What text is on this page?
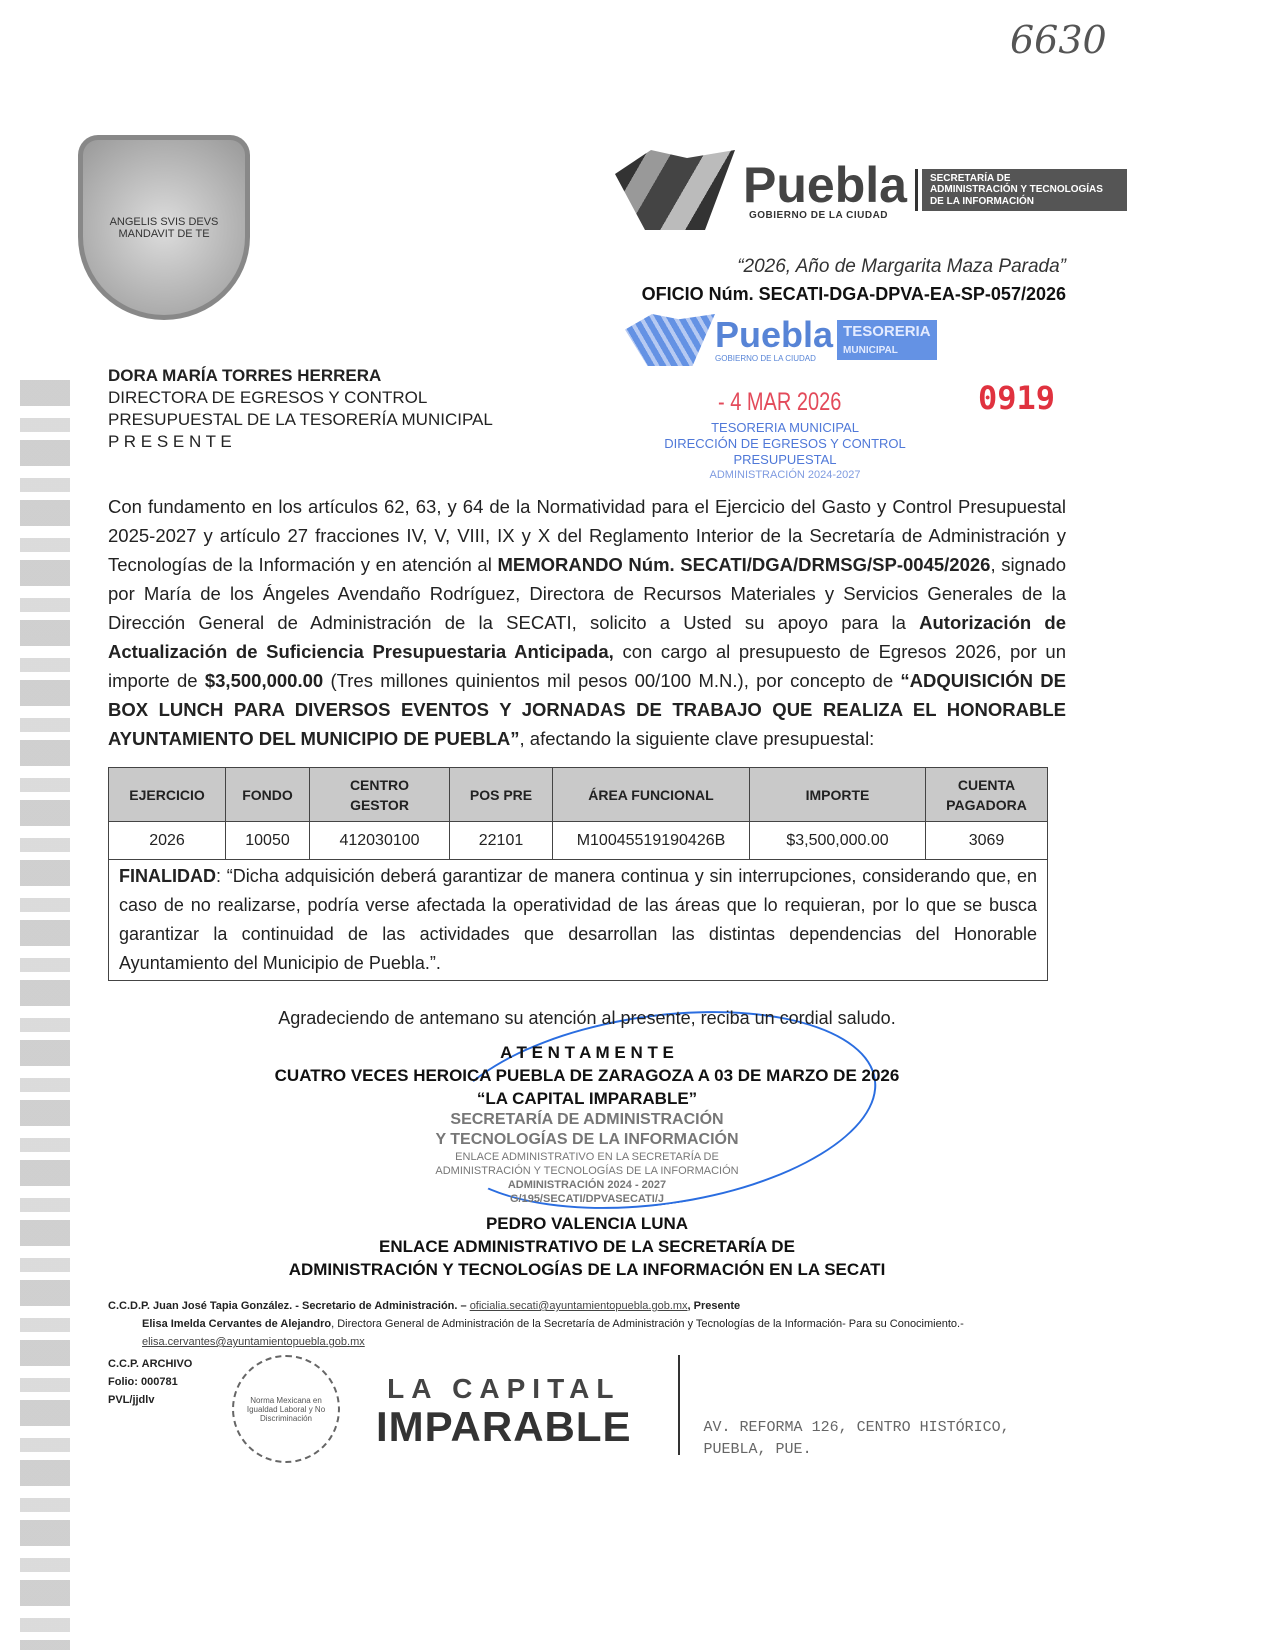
6630
ANGELIS SVIS DEVS MANDAVIT DE TE
Puebla
GOBIERNO DE LA CIUDAD
SECRETARÍA DE
ADMINISTRACIÓN Y TECNOLOGÍAS
DE LA INFORMACIÓN
“2026, Año de Margarita Maza Parada”
OFICIO Núm. SECATI-DGA-DPVA-EA-SP-057/2026
Puebla
GOBIERNO DE LA CIUDAD
TESORERIA
MUNICIPAL
- 4 MAR 2026	0919
TESORERIA MUNICIPAL
DIRECCIÓN DE EGRESOS Y CONTROL
PRESUPUESTAL
ADMINISTRACIÓN 2024-2027
DORA MARÍA TORRES HERRERA
DIRECTORA DE EGRESOS Y CONTROL
PRESUPUESTAL DE LA TESORERÍA MUNICIPAL
P R E S E N T E
Con fundamento en los artículos 62, 63, y 64 de la Normatividad para el Ejercicio del Gasto y Control Presupuestal 2025-2027 y artículo 27 fracciones IV, V, VIII, IX y X del Reglamento Interior de la Secretaría de Administración y Tecnologías de la Información y en atención al MEMORANDO Núm. SECATI/DGA/DRMSG/SP-0045/2026, signado por María de los Ángeles Avendaño Rodríguez, Directora de Recursos Materiales y Servicios Generales de la Dirección General de Administración de la SECATI, solicito a Usted su apoyo para la Autorización de Actualización de Suficiencia Presupuestaria Anticipada, con cargo al presupuesto de Egresos 2026, por un importe de $3,500,000.00 (Tres millones quinientos mil pesos 00/100 M.N.), por concepto de “ADQUISICIÓN DE BOX LUNCH PARA DIVERSOS EVENTOS Y JORNADAS DE TRABAJO QUE REALIZA EL HONORABLE AYUNTAMIENTO DEL MUNICIPIO DE PUEBLA”, afectando la siguiente clave presupuestal:
EJERCICIO	FONDO	CENTRO GESTOR	POS PRE	ÁREA FUNCIONAL	IMPORTE	CUENTA PAGADORA
2026	10050	412030100	22101	M10045519190426B	$3,500,000.00	3069
FINALIDAD: “Dicha adquisición deberá garantizar de manera continua y sin interrupciones, considerando que, en caso de no realizarse, podría verse afectada la operatividad de las áreas que lo requieran, por lo que se busca garantizar la continuidad de las actividades que desarrollan las distintas dependencias del Honorable Ayuntamiento del Municipio de Puebla.”.
Agradeciendo de antemano su atención al presente, reciba un cordial saludo.
A T E N T A M E N T E
CUATRO VECES HEROICA PUEBLA DE ZARAGOZA A 03 DE MARZO DE 2026
“LA CAPITAL IMPARABLE”
SECRETARÍA DE ADMINISTRACIÓN
Y TECNOLOGÍAS DE LA INFORMACIÓN
ENLACE ADMINISTRATIVO EN LA SECRETARÍA DE
ADMINISTRACIÓN Y TECNOLOGÍAS DE LA INFORMACIÓN
ADMINISTRACIÓN 2024 - 2027
G/195/SECATI/DPVASECATI/J
PEDRO VALENCIA LUNA
ENLACE ADMINISTRATIVO DE LA SECRETARÍA DE
ADMINISTRACIÓN Y TECNOLOGÍAS DE LA INFORMACIÓN EN LA SECATI
C.C.D.P. Juan José Tapia González. - Secretario de Administración. – oficialia.secati@ayuntamientopuebla.gob.mx, Presente
Elisa Imelda Cervantes de Alejandro, Directora General de Administración de la Secretaría de Administración y Tecnologías de la Información- Para su Conocimiento.- elisa.cervantes@ayuntamientopuebla.gob.mx
C.C.P. ARCHIVO
Folio: 000781
PVL/jjdlv	Norma Mexicana en Igualdad Laboral y No Discriminación
LA CAPITAL
IMPARABLE	AV. REFORMA 126, CENTRO HISTÓRICO,
PUEBLA, PUE.
